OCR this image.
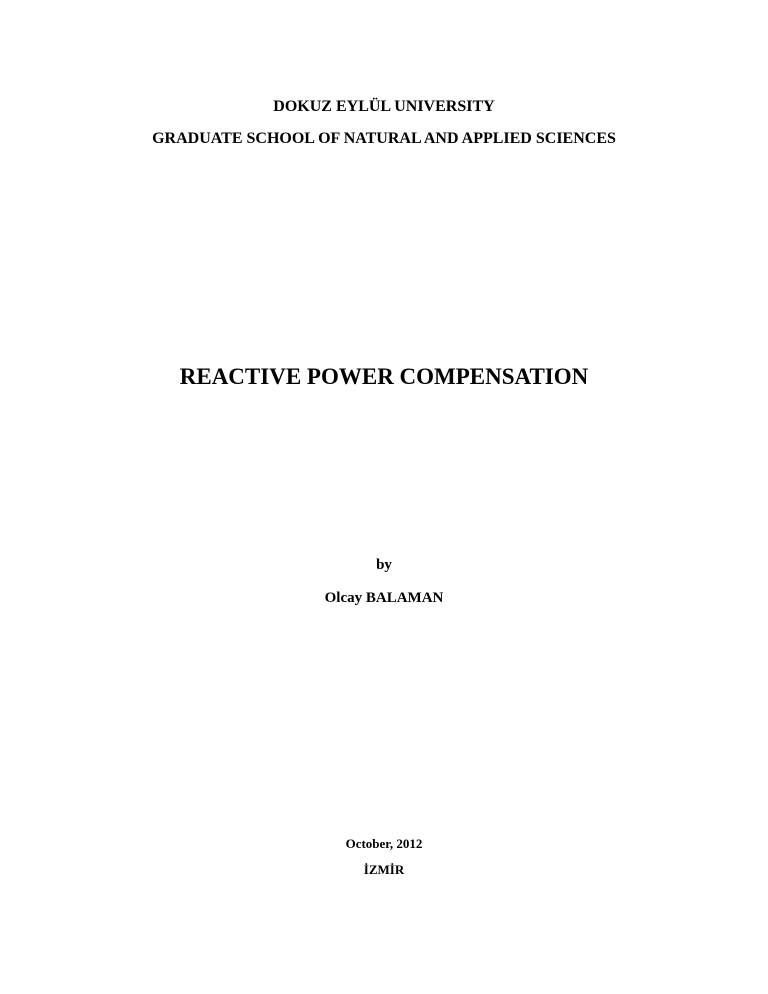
DOKUZ EYLÜL UNIVERSITY
GRADUATE SCHOOL OF NATURAL AND APPLIED SCIENCES
REACTIVE POWER COMPENSATION
by
Olcay BALAMAN
October, 2012
İZMİR
